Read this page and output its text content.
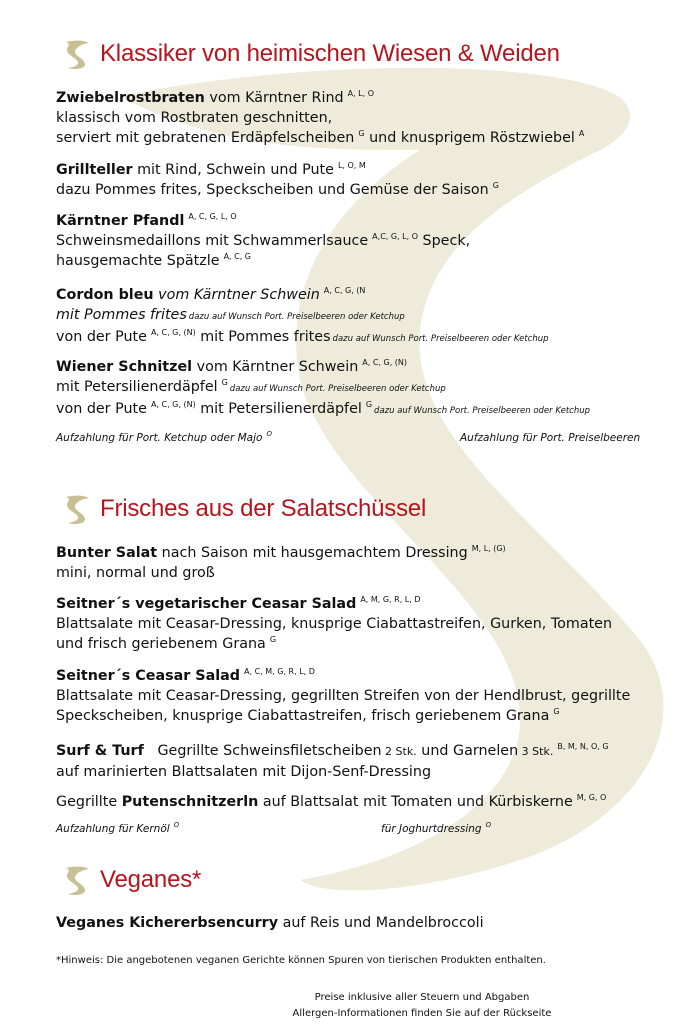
Klassiker von heimischen Wiesen & Weiden
Zwiebelrostbraten vom Kärntner Rind $^{A, L, O}$
klassisch vom Rostbraten geschnitten,
serviert mit gebratenen Erdäpfelscheiben $^G$ und knusprigem Röstzwiebel $^A$
Grillteller mit Rind, Schwein und Pute $^{L, O, M}$
dazu Pommes frites, Speckscheiben und Gemüse der Saison $^G$
Kärntner Pfandl $^{A, C, G, L, O}$
Schweinsmedaillons mit Schwammerlsauce $^{A,C, G, L, O}$ Speck,
hausgemachte Spätzle $^{A, C, G}$
Cordon bleu vom Kärntner Schwein $^{A, C, G, (N}$
mit Pommes frites dazu auf Wunsch Port. Preiselbeeren oder Ketchup
von der Pute $^{A, C, G, (N)}$ mit Pommes frites dazu auf Wunsch Port. Preiselbeeren oder Ketchup
Wiener Schnitzel vom Kärntner Schwein $^{A, C, G, (N)}$
mit Petersilienerdäpfel $^G$dazu auf Wunsch Port. Preiselbeeren oder Ketchup
von der Pute $^{A, C, G, (N)}$ mit Petersilienerdäpfel $^G$dazu auf Wunsch Port. Preiselbeeren oder Ketchup
Aufzahlung für Port. Ketchup oder Majo $^O$	Aufzahlung für Port. Preiselbeeren
Frisches aus der Salatschüssel
Bunter Salat nach Saison mit hausgemachtem Dressing $^{M, L, (G)}$
mini, normal und groß
Seitner´s vegetarischer Ceasar Salad $^{A, M, G, R, L, D}$
Blattsalate mit Ceasar-Dressing, knusprige Ciabattastreifen, Gurken, Tomaten
und frisch geriebenem Grana $^G$
Seitner´s Ceasar Salad $^{A, C, M, G, R, L, D}$
Blattsalate mit Ceasar-Dressing, gegrillten Streifen von der Hendlbrust, gegrillte
Speckscheiben, knusprige Ciabattastreifen, frisch geriebenem Grana $^G$
Surf & Turf   Gegrillte Schweinsfiletscheiben 2 Stk. und Garnelen 3 Stk. $^{B, M, N, O, G}$
auf marinierten Blattsalaten mit Dijon-Senf-Dressing
Gegrillte Putenschnitzerln auf Blattsalat mit Tomaten und Kürbiskerne $^{M, G, O}$
Aufzahlung für Kernöl $^O$	für Joghurtdressing $^O$
Veganes*
Veganes Kichererbsencurry auf Reis und Mandelbroccoli
*Hinweis: Die angebotenen veganen Gerichte können Spuren von tierischen Produkten enthalten.
Preise inklusive aller Steuern und Abgaben
Allergen-Informationen finden Sie auf der Rückseite
